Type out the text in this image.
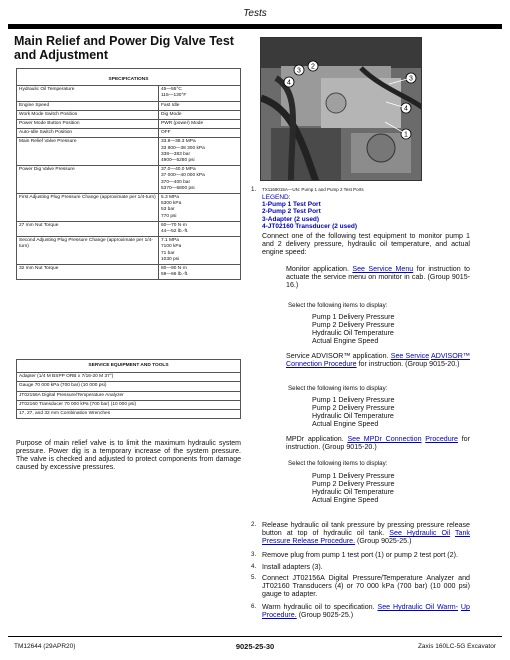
Tests
Main Relief and Power Dig Valve Test and Adjustment
SPECIFICATIONS	
Hydraulic Oil Temperature	45—55°C
115—130°F

Engine Speed	Fast Idle

Work Mode Switch Position	Dig Mode

Power Mode Button Position	PWR (power) Mode

Auto-Idle Switch Position	OFF

Main Relief Valve Pressure	33.8—38.3 MPa
33 800—38 300 kPa
338—383 bar
4900—5280 psi

Power Dig Valve Pressure	37.0—40.0 MPa
37 000—40 000 kPa
370—400 bar
5370—5800 psi

First Adjusting Plug Pressure Change (approximate per 1/4-turn)	5.3 MPa
5300 kPa
53 bar
770 psi

27 mm Nut Torque	60—70 N·m
44—52 lb.-ft.

Second Adjusting Plug Pressure Change (approximate per 1/4-turn)	7.1 MPa
7100 kPa
71 bar
1030 psi

32 mm Nut Torque	80—90 N·m
59—66 lb.-ft.
SERVICE EQUIPMENT AND TOOLS
Adapter (1/4 M BSPP ORB x 7/16-20 M 37°)
Gauge 70 000 kPa (700 bar) (10 000 psi)
JT02156A Digital Pressure/Temperature Analyzer
JT02160 Transducer 70 000 kPa (700 bar) (10 000 psi)
17, 27, and 32 mm Combination Wrenches
Purpose of main relief valve is to limit the maximum hydraulic system pressure. Power dig is a temporary increase of the system pressure. The valve is checked and adjusted to protect components from damage caused by excessive pressures.
2
3
4
3
4
1
TX1169015A—UN: Pump 1 and Pump 2 Test Ports
LEGEND:
1-Pump 1 Test Port
2-Pump 2 Test Port
3-Adapter (2 used)
4-JT02160 Transducer (2 used)
1.
Connect one of the following test equipment to monitor pump 1 and 2 delivery pressure, hydraulic oil temperature, and actual engine speed:
Monitor application. See Service Menu for instruction to actuate the service menu on monitor in cab. (Group 9015-16.)
Select the following items to display:
Pump 1 Delivery Pressure
Pump 2 Delivery Pressure
Hydraulic Oil Temperature
Actual Engine Speed
Service ADVISOR™ application. See Service ADVISOR™ Connection Procedure for instruction. (Group 9015-20.)
Select the following items to display:
Pump 1 Delivery Pressure
Pump 2 Delivery Pressure
Hydraulic Oil Temperature
Actual Engine Speed
MPDr application. See MPDr Connection Procedure for instruction. (Group 9015-20.)
Select the following items to display:
Pump 1 Delivery Pressure
Pump 2 Delivery Pressure
Hydraulic Oil Temperature
Actual Engine Speed
2. Release hydraulic oil tank pressure by pressing pressure release button at top of hydraulic oil tank. See Hydraulic Oil Tank Pressure Release Procedure. (Group 9025-25.)
3. Remove plug from pump 1 test port (1) or pump 2 test port (2).
4. Install adapters (3).
5. Connect JT02156A Digital Pressure/Temperature Analyzer and JT02160 Transducers (4) or 70 000 kPa (700 bar) (10 000 psi) gauge to adapter.
6. Warm hydraulic oil to specification. See Hydraulic Oil Warm- Up Procedure. (Group 9025-25.)
TM12644 (29APR20)	9025-25-30	Zaxis 160LC-5G Excavator
